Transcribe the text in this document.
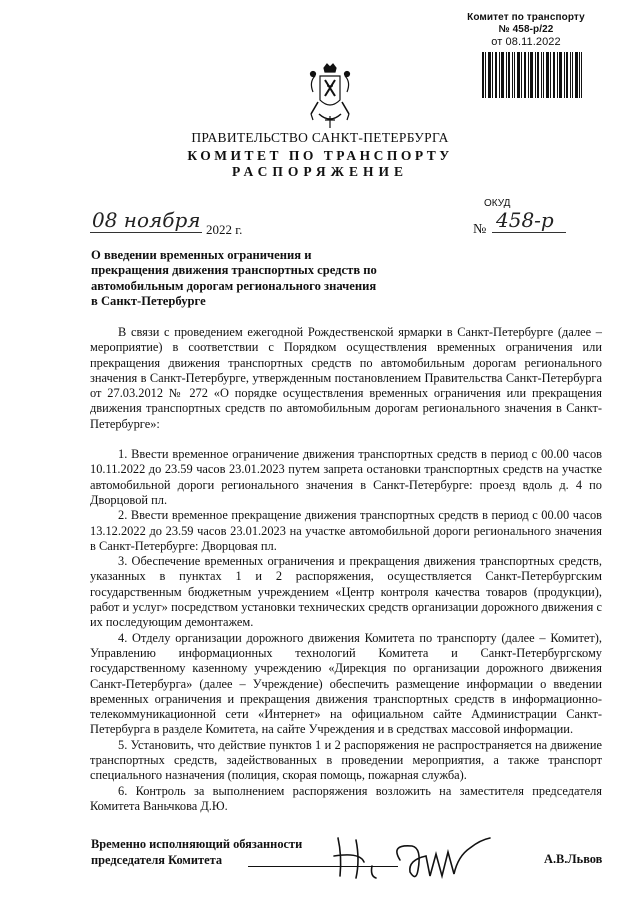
Комитет по транспорту
№ 458-р/22
от 08.11.2022
ПРАВИТЕЛЬСТВО САНКТ-ПЕТЕРБУРГА
КОМИТЕТ ПО ТРАНСПОРТУ
РАСПОРЯЖЕНИЕ
ОКУД
08 ноября 2022 г.	№ 458-р
О введении временных ограничения и прекращения движения транспортных средств по автомобильным дорогам регионального значения в Санкт-Петербурге

В связи с проведением ежегодной Рождественской ярмарки в Санкт-Петербурге (далее – мероприятие) в соответствии с Порядком осуществления временных ограничения или прекращения движения транспортных средств по автомобильным дорогам регионального значения в Санкт-Петербурге, утвержденным постановлением Правительства Санкт-Петербурга от 27.03.2012 № 272 «О порядке осуществления временных ограничения или прекращения движения транспортных средств по автомобильным дорогам регионального значения в Санкт-Петербурге»:

1. Ввести временное ограничение движения транспортных средств в период с 00.00 часов 10.11.2022 до 23.59 часов 23.01.2023 путем запрета остановки транспортных средств на участке автомобильной дороги регионального значения в Санкт-Петербурге: проезд вдоль д. 4 по Дворцовой пл.

2. Ввести временное прекращение движения транспортных средств в период с 00.00 часов 13.12.2022 до 23.59 часов 23.01.2023 на участке автомобильной дороги регионального значения в Санкт-Петербурге: Дворцовая пл.

3. Обеспечение временных ограничения и прекращения движения транспортных средств, указанных в пунктах 1 и 2 распоряжения, осуществляется Санкт-Петербургским государственным бюджетным учреждением «Центр контроля качества товаров (продукции), работ и услуг» посредством установки технических средств организации дорожного движения с их последующим демонтажем.

4. Отделу организации дорожного движения Комитета по транспорту (далее – Комитет), Управлению информационных технологий Комитета и Санкт-Петербургскому государственному казенному учреждению «Дирекция по организации дорожного движения Санкт-Петербурга» (далее – Учреждение) обеспечить размещение информации о введении временных ограничения и прекращения движения транспортных средств в информационно-телекоммуникационной сети «Интернет» на официальном сайте Администрации Санкт-Петербурга в разделе Комитета, на сайте Учреждения и в средствах массовой информации.

5. Установить, что действие пунктов 1 и 2 распоряжения не распространяется на движение транспортных средств, задействованных в проведении мероприятия, а также транспорт специального назначения (полиция, скорая помощь, пожарная служба).

6. Контроль за выполнением распоряжения возложить на заместителя председателя Комитета Ваньчкова Д.Ю.

Временно исполняющий обязанности председателя Комитета	А.В.Львов
